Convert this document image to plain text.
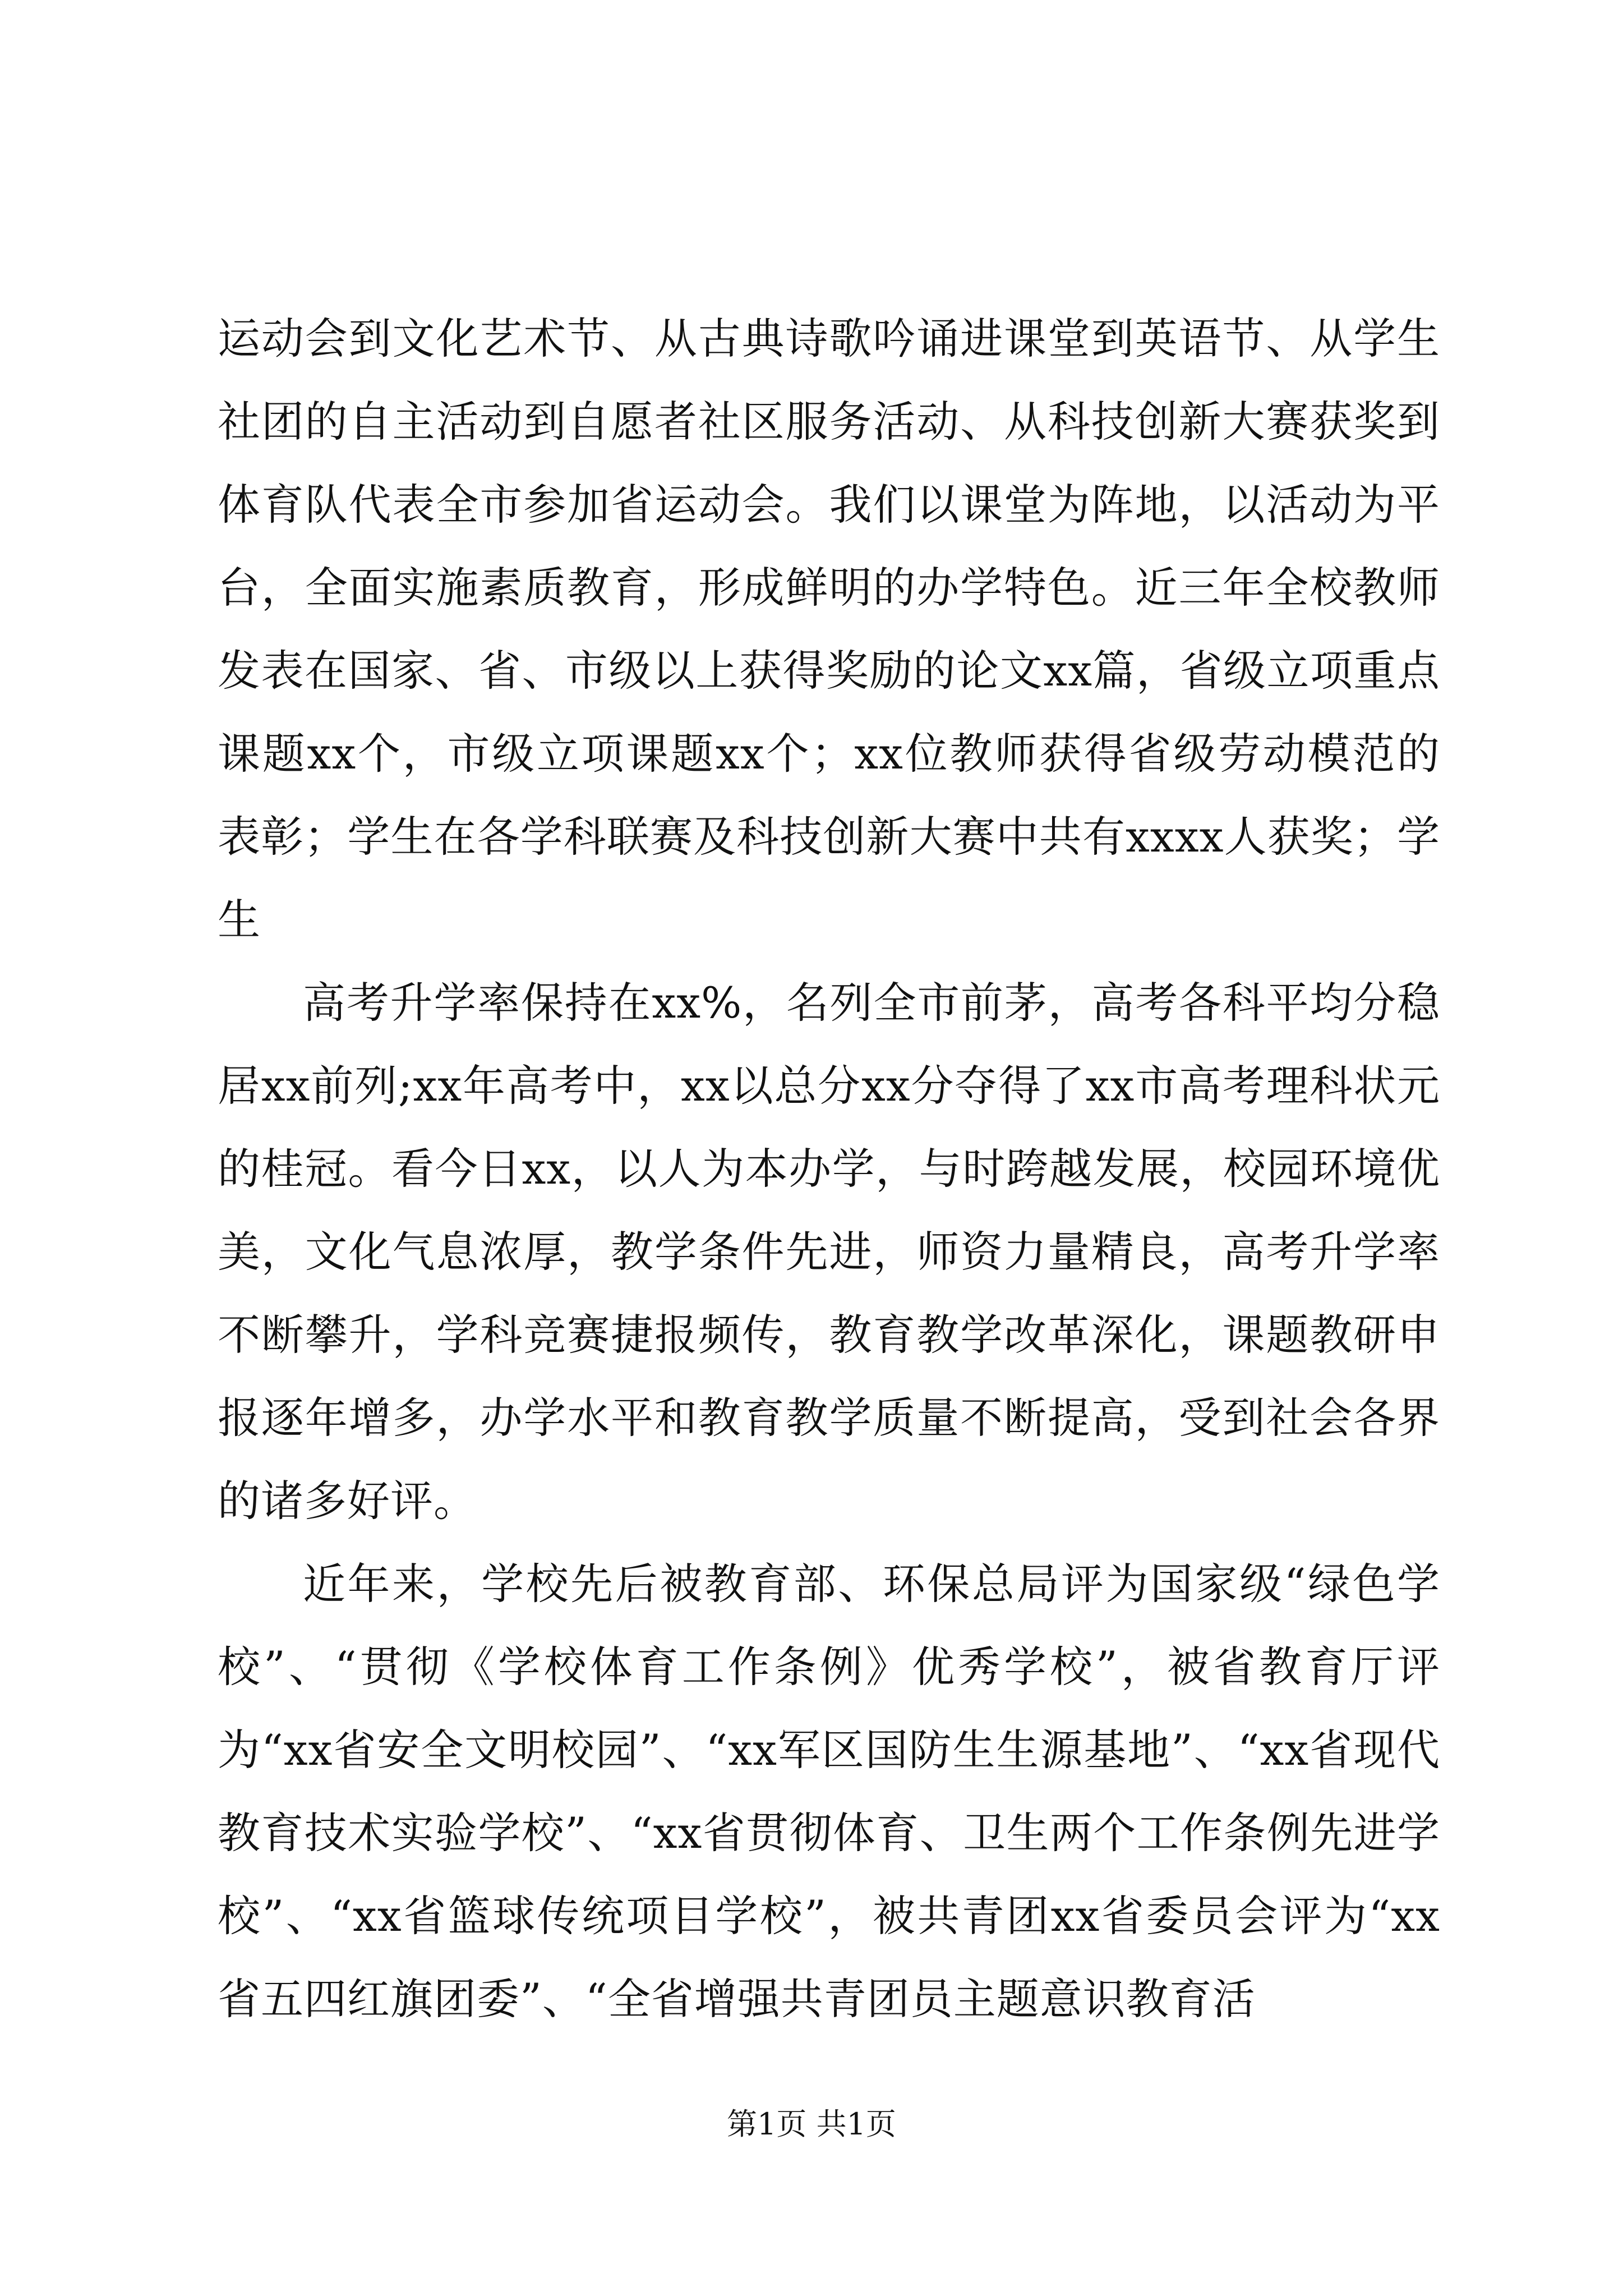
运动会到文化艺术节、从古典诗歌吟诵进课堂到英语节、从学生社团的自主活动到自愿者社区服务活动、从科技创新大赛获奖到体育队代表全市参加省运动会。我们以课堂为阵地，以活动为平台，全面实施素质教育，形成鲜明的办学特色。近三年全校教师发表在国家、省、市级以上获得奖励的论文xx篇，省级立项重点课题xx个，市级立项课题xx个；xx位教师获得省级劳动模范的表彰；学生在各学科联赛及科技创新大赛中共有xxxx人获奖；学生

高考升学率保持在xx%，名列全市前茅，高考各科平均分稳居xx前列;xx年高考中，xx以总分xx分夺得了xx市高考理科状元的桂冠。看今日xx，以人为本办学，与时跨越发展，校园环境优美，文化气息浓厚，教学条件先进，师资力量精良，高考升学率不断攀升，学科竞赛捷报频传，教育教学改革深化，课题教研申报逐年增多，办学水平和教育教学质量不断提高，受到社会各界的诸多好评。

近年来，学校先后被教育部、环保总局评为国家级“绿色学校”、“贯彻《学校体育工作条例》优秀学校”，被省教育厅评为“xx省安全文明校园”、“xx军区国防生生源基地”、“xx省现代教育技术实验学校”、“xx省贯彻体育、卫生两个工作条例先进学校”、“xx省篮球传统项目学校”，被共青团xx省委员会评为“xx省五四红旗团委”、“全省增强共青团员主题意识教育活

第1页 共1页
